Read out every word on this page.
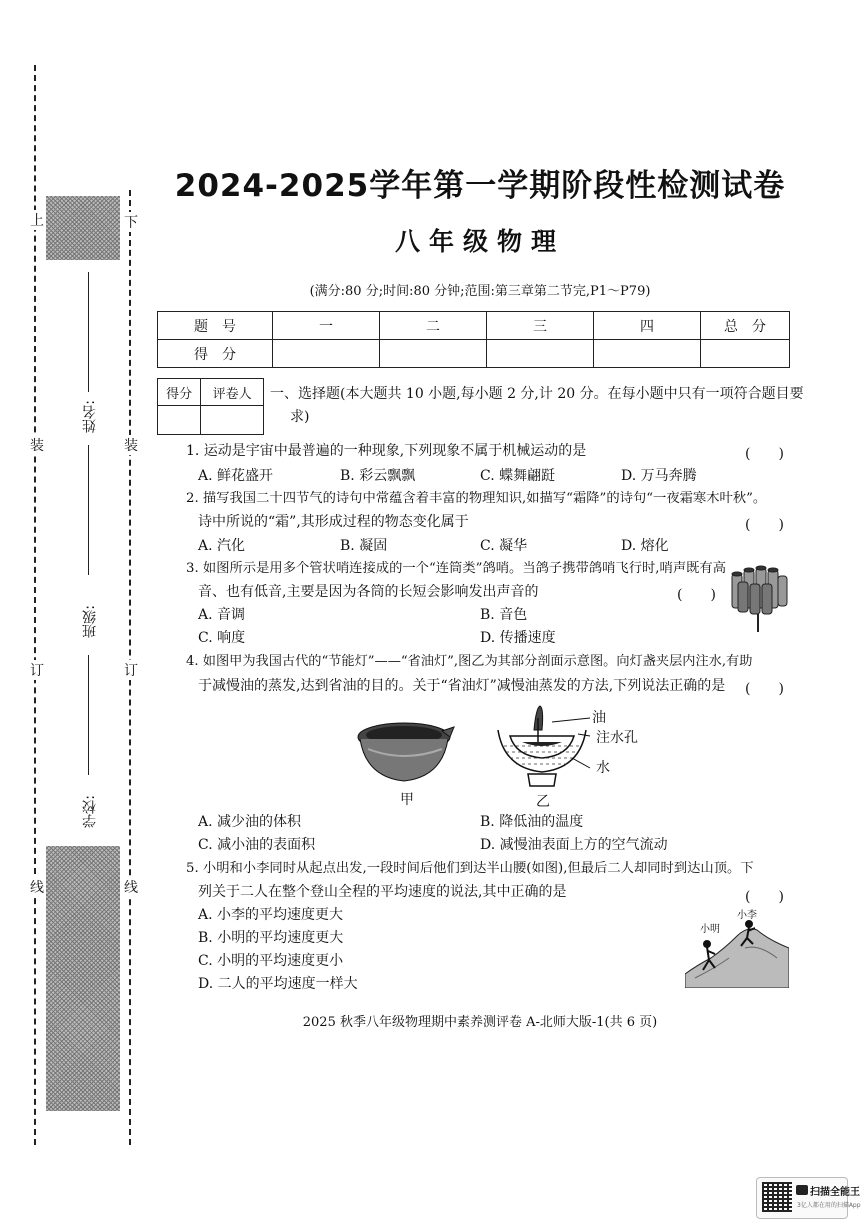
上	下
装	装
订	订
线	线
姓名:
班级:
学校:
2024-2025学年第一学期阶段性检测试卷
八年级物理
(满分:80 分;时间:80 分钟;范围:第三章第二节完,P1～P79)
题　号	一	二	三	四	总　分
得　分					
得分	评卷人
	一、选择题(本大题共 10 小题,每小题 2 分,计 20 分。在每小题中只有一项符合题目要
求)
1. 运动是宇宙中最普遍的一种现象,下列现象不属于机械运动的是	(　　)
A. 鲜花盛开	B. 彩云飘飘	C. 蝶舞翩跹	D. 万马奔腾
2. 描写我国二十四节气的诗句中常蕴含着丰富的物理知识,如描写“霜降”的诗句“一夜霜寒木叶秋”。
诗中所说的“霜”,其形成过程的物态变化属于	(　　)
A. 汽化	B. 凝固	C. 凝华	D. 熔化
3. 如图所示是用多个管状哨连接成的一个“连筒类”鸽哨。当鸽子携带鸽哨飞行时,哨声既有高
音、也有低音,主要是因为各筒的长短会影响发出声音的	(　　)
A. 音调	B. 音色
C. 响度	D. 传播速度
4. 如图甲为我国古代的“节能灯”——“省油灯”,图乙为其部分剖面示意图。向灯盏夹层内注水,有助
于减慢油的蒸发,达到省油的目的。关于“省油灯”减慢油蒸发的方法,下列说法正确的是 (　　)
甲
油
注水孔
水
乙
A. 减少油的体积	B. 降低油的温度
C. 减小油的表面积	D. 减慢油表面上方的空气流动
5. 小明和小李同时从起点出发,一段时间后他们到达半山腰(如图),但最后二人却同时到达山顶。下
列关于二人在整个登山全程的平均速度的说法,其中正确的是	(　　)
A. 小李的平均速度更大
B. 小明的平均速度更大
C. 小明的平均速度更小
D. 二人的平均速度一样大
小明
小李
2025 秋季八年级物理期中素养测评卷 A-北师大版-1(共 6 页)
扫描全能王
3亿人都在用的扫描App
